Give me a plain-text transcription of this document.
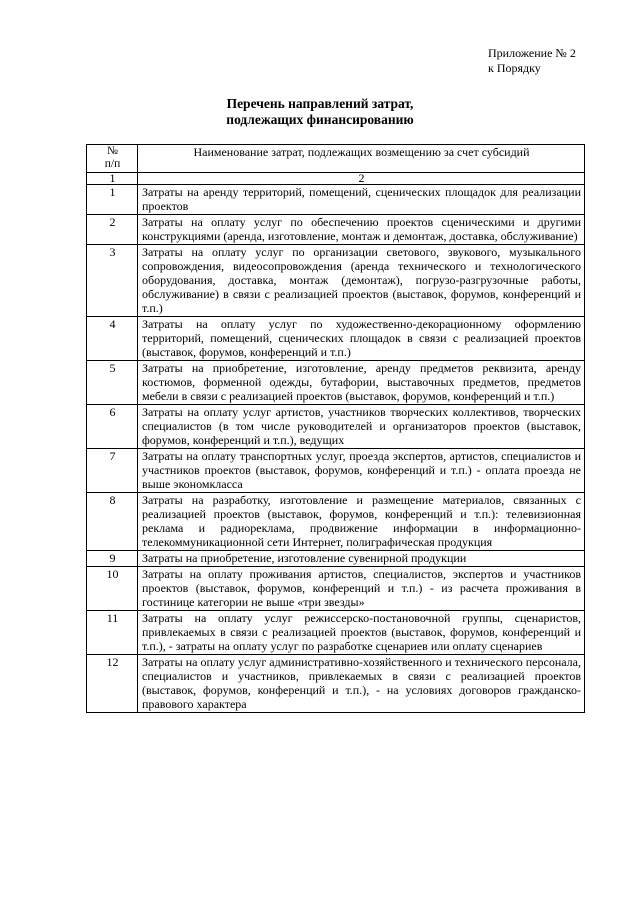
Приложение № 2
к Порядку
Перечень направлений затрат,
подлежащих финансированию
№
п/п	Наименование затрат, подлежащих возмещению за счет субсидий
1	2
1	Затраты на аренду территорий, помещений, сценических площадок для реализации проектов
2	Затраты на оплату услуг по обеспечению проектов сценическими и другими конструкциями (аренда, изготовление, монтаж и демонтаж, доставка, обслуживание)
3	Затраты на оплату услуг по организации светового, звукового, музыкального сопровождения, видеосопровождения (аренда технического и технологического оборудования, доставка, монтаж (демонтаж), погрузо-разгрузочные работы, обслуживание) в связи с реализацией проектов (выставок, форумов, конференций и т.п.)
4	Затраты на оплату услуг по художественно-декорационному оформлению территорий, помещений, сценических площадок в связи с реализацией проектов (выставок, форумов, конференций и т.п.)
5	Затраты на приобретение, изготовление, аренду предметов реквизита, аренду костюмов, форменной одежды, бутафории, выставочных предметов, предметов мебели в связи с реализацией проектов (выставок, форумов, конференций и т.п.)
6	Затраты на оплату услуг артистов, участников творческих коллективов, творческих специалистов (в том числе руководителей и организаторов проектов (выставок, форумов, конференций и т.п.), ведущих
7	Затраты на оплату транспортных услуг, проезда экспертов, артистов, специалистов и участников проектов (выставок, форумов, конференций и т.п.) - оплата проезда не выше экономкласса
8	Затраты на разработку, изготовление и размещение материалов, связанных с реализацией проектов (выставок, форумов, конференций и т.п.): телевизионная реклама и радиореклама, продвижение информации в информационно-телекоммуникационной сети Интернет, полиграфическая продукция
9	Затраты на приобретение, изготовление сувенирной продукции
10	Затраты на оплату проживания артистов, специалистов, экспертов и участников проектов (выставок, форумов, конференций и т.п.) - из расчета проживания в гостинице категории не выше «три звезды»
11	Затраты на оплату услуг режиссерско-постановочной группы, сценаристов, привлекаемых в связи с реализацией проектов (выставок, форумов, конференций и т.п.), - затраты на оплату услуг по разработке сценариев или оплату сценариев
12	Затраты на оплату услуг административно-хозяйственного и технического персонала, специалистов и участников, привлекаемых в связи с реализацией проектов (выставок, форумов, конференций и т.п.), - на условиях договоров гражданско-правового характера
